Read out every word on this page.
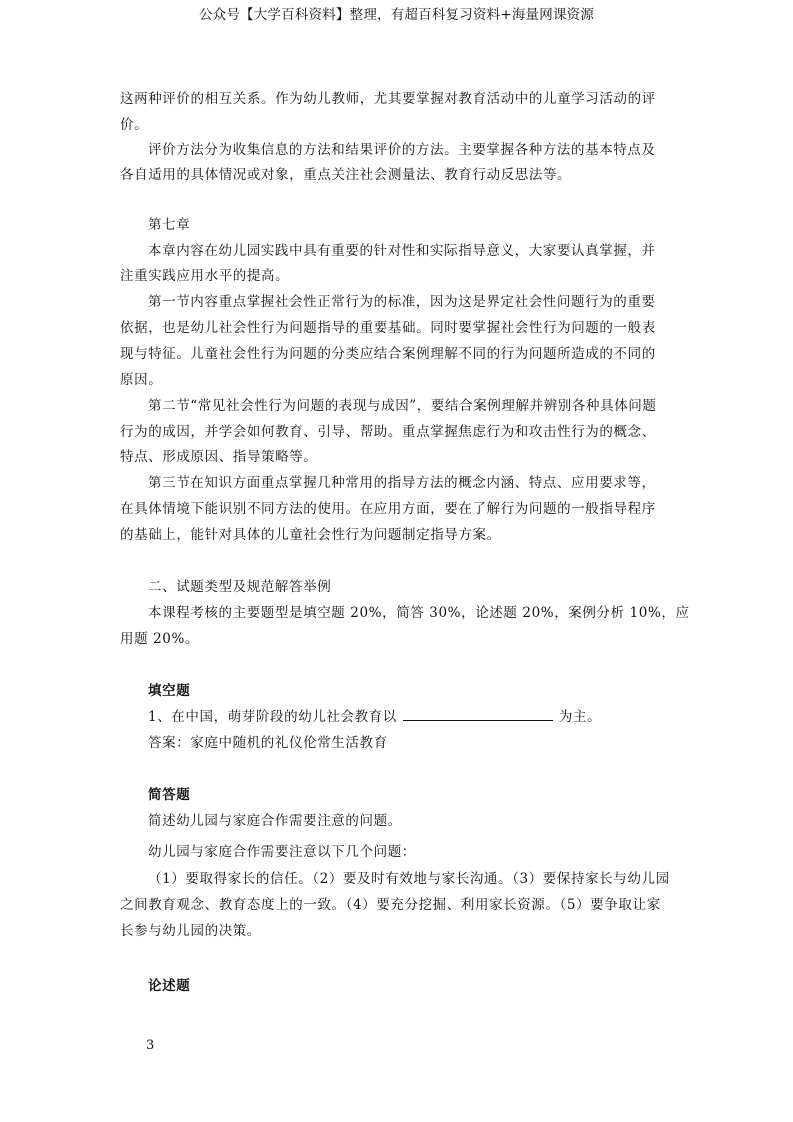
公众号【大学百科资料】整理，有超百科复习资料+海量网课资源
这两种评价的相互关系。作为幼儿教师，尤其要掌握对教育活动中的儿童学习活动的评
价。
评价方法分为收集信息的方法和结果评价的方法。主要掌握各种方法的基本特点及
各自适用的具体情况或对象，重点关注社会测量法、教育行动反思法等。
第七章
本章内容在幼儿园实践中具有重要的针对性和实际指导意义，大家要认真掌握，并
注重实践应用水平的提高。
第一节内容重点掌握社会性正常行为的标准，因为这是界定社会性问题行为的重要
依据，也是幼儿社会性行为问题指导的重要基础。同时要掌握社会性行为问题的一般表
现与特征。儿童社会性行为问题的分类应结合案例理解不同的行为问题所造成的不同的
原因。
第二节“常见社会性行为问题的表现与成因”，要结合案例理解并辨别各种具体问题
行为的成因，并学会如何教育、引导、帮助。重点掌握焦虑行为和攻击性行为的概念、
特点、形成原因、指导策略等。
第三节在知识方面重点掌握几种常用的指导方法的概念内涵、特点、应用要求等，
在具体情境下能识别不同方法的使用。在应用方面，要在了解行为问题的一般指导程序
的基础上，能针对具体的儿童社会性行为问题制定指导方案。
二、试题类型及规范解答举例
本课程考核的主要题型是填空题 20%，简答 30%，论述题 20%，案例分析 10%，应
用题 20%。
填空题
1、在中国，萌芽阶段的幼儿社会教育以	为主。
答案：家庭中随机的礼仪伦常生活教育
简答题
简述幼儿园与家庭合作需要注意的问题。
幼儿园与家庭合作需要注意以下几个问题：
（1）要取得家长的信任。（2）要及时有效地与家长沟通。（3）要保持家长与幼儿园
之间教育观念、教育态度上的一致。（4）要充分挖掘、利用家长资源。（5）要争取让家
长参与幼儿园的决策。
论述题
3
